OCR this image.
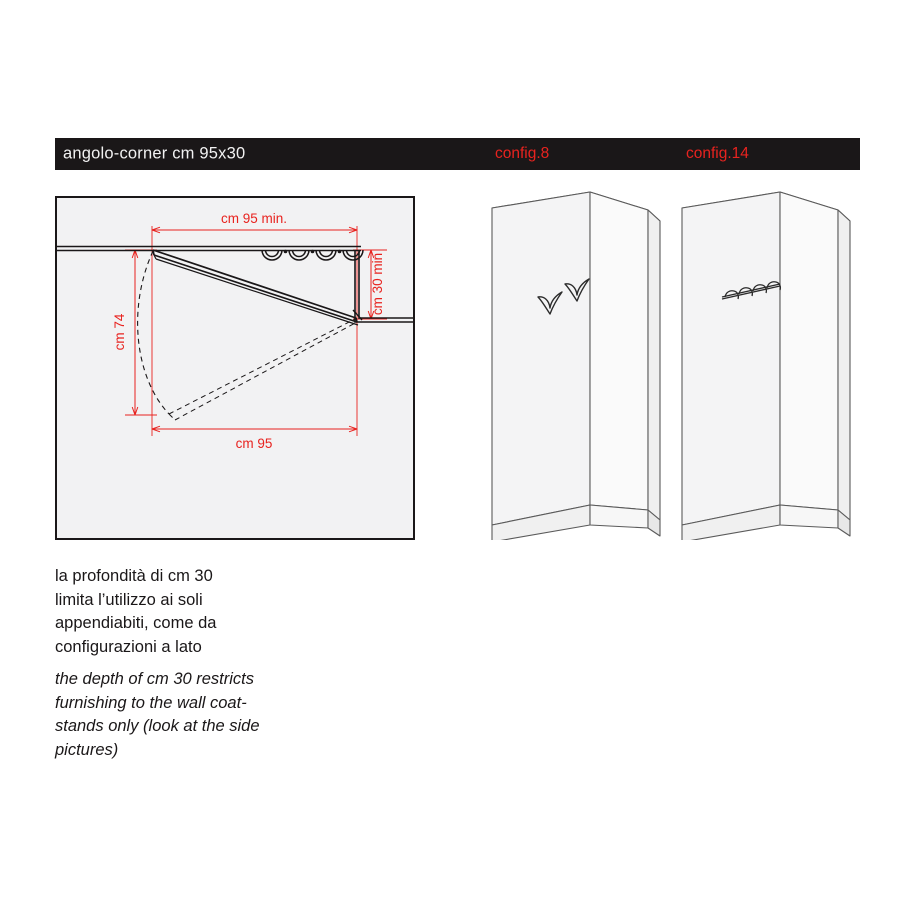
angolo-corner cm 95x30	config.8	config.14
cm 95 min.
cm 30 min
cm 74
cm 95

la profondità di cm 30

limita l’utilizzo ai soli

appendiabiti, come da

configurazioni a lato

the depth of cm 30 restricts

furnishing to the wall coat-

stands only (look at the side

pictures)
